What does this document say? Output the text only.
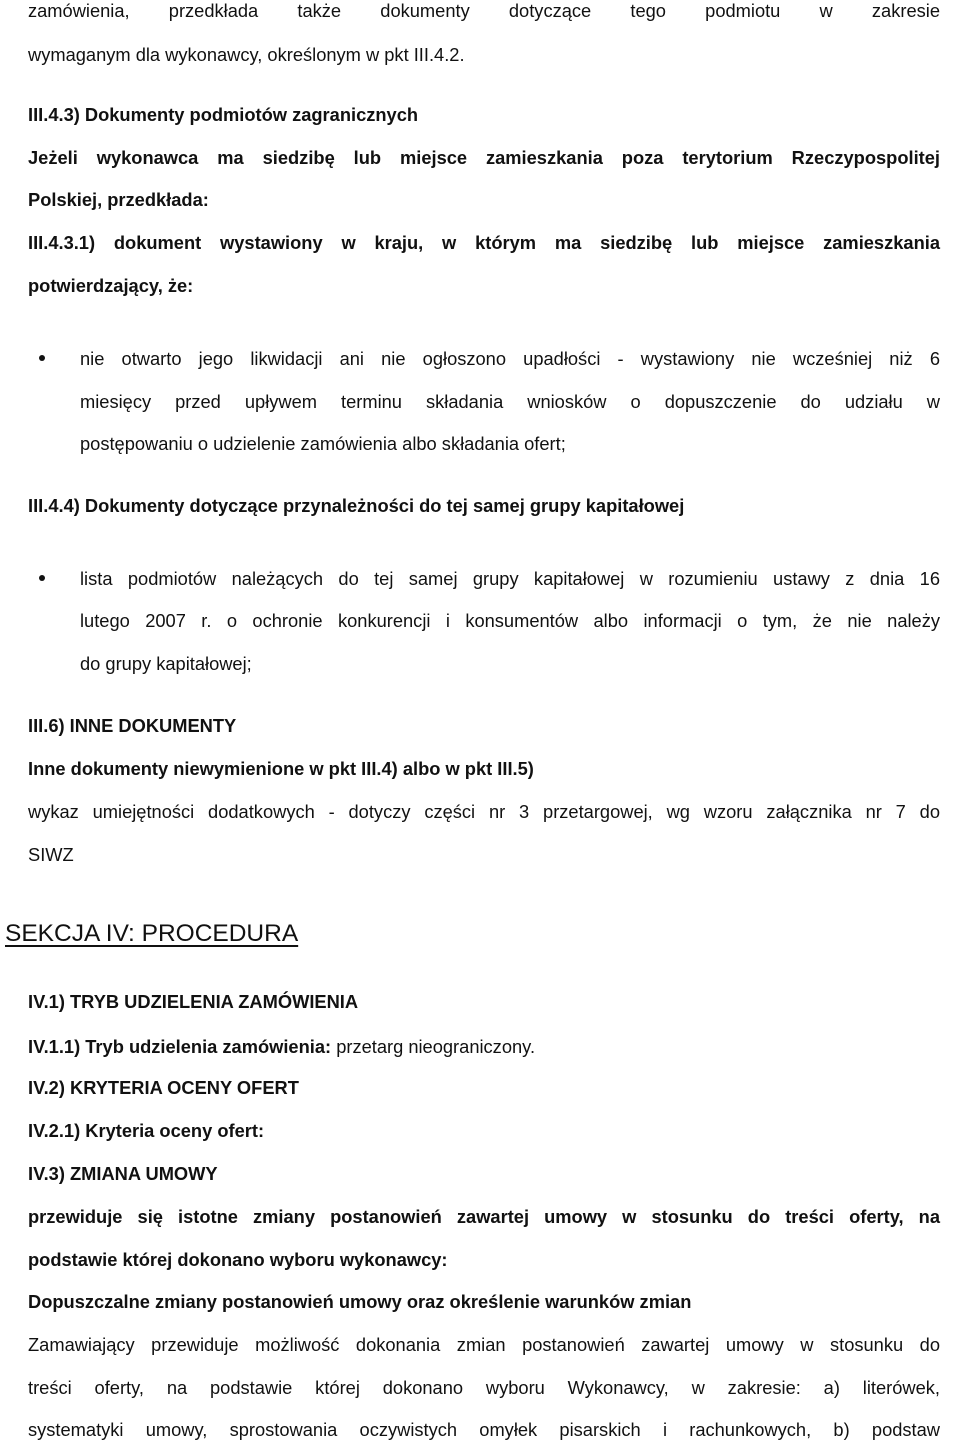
zamówienia, przedkłada także dokumenty dotyczące tego podmiotu w zakresie
wymaganym dla wykonawcy, określonym w pkt III.4.2.
III.4.3) Dokumenty podmiotów zagranicznych
Jeżeli wykonawca ma siedzibę lub miejsce zamieszkania poza terytorium Rzeczypospolitej
Polskiej, przedkłada:
III.4.3.1) dokument wystawiony w kraju, w którym ma siedzibę lub miejsce zamieszkania
potwierdzający, że:
nie otwarto jego likwidacji ani nie ogłoszono upadłości - wystawiony nie wcześniej niż 6
miesięcy przed upływem terminu składania wniosków o dopuszczenie do udziału w
postępowaniu o udzielenie zamówienia albo składania ofert;
III.4.4) Dokumenty dotyczące przynależności do tej samej grupy kapitałowej
lista podmiotów należących do tej samej grupy kapitałowej w rozumieniu ustawy z dnia 16
lutego 2007 r. o ochronie konkurencji i konsumentów albo informacji o tym, że nie należy
do grupy kapitałowej;
III.6) INNE DOKUMENTY
Inne dokumenty niewymienione w pkt III.4) albo w pkt III.5)
wykaz umiejętności dodatkowych - dotyczy części nr 3 przetargowej, wg wzoru załącznika nr 7 do
SIWZ
SEKCJA IV: PROCEDURA
IV.1) TRYB UDZIELENIA ZAMÓWIENIA
IV.1.1) Tryb udzielenia zamówienia: przetarg nieograniczony.
IV.2) KRYTERIA OCENY OFERT
IV.2.1) Kryteria oceny ofert:
IV.3) ZMIANA UMOWY
przewiduje się istotne zmiany postanowień zawartej umowy w stosunku do treści oferty, na
podstawie której dokonano wyboru wykonawcy:
Dopuszczalne zmiany postanowień umowy oraz określenie warunków zmian
Zamawiający przewiduje możliwość dokonania zmian postanowień zawartej umowy w stosunku do
treści oferty, na podstawie której dokonano wyboru Wykonawcy, w zakresie: a) literówek,
systematyki umowy, sprostowania oczywistych omyłek pisarskich i rachunkowych, b) podstaw
